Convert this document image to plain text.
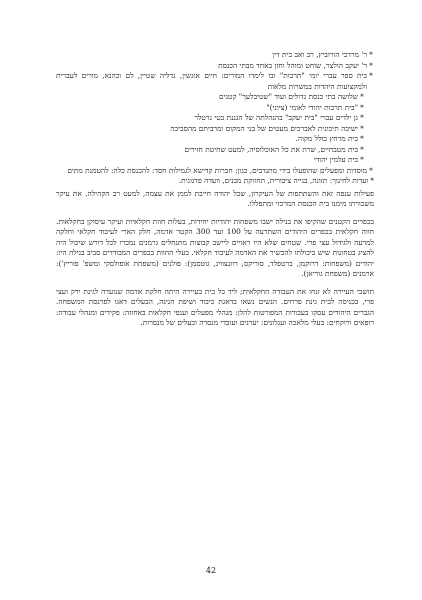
*
ר' מרדכי הורוביץ, רב ואב בית דין
*
ר' יעקב הולצר, שוחט ומוהל וחזן באחד מבתי הכנסת
*
בית ספר עברי יומי "תרבות" ובו לימדו המורים: חיים אוגשין, גדליה שטיין, לם וכהנא, מורים לעברית ולמקצועות היהדות במשרות מלאות
*
שלושה בתי כנסת גדולים ועוד "שטיבלעך" קטנים
*
"בית תרבות יהודי לאומי (ציוני)"
*
גן ילדים עברי "בית יעקב" בהנהלתה של הגננת בטי גרטלר
*
ישיבה תיכונית לאברכים מעטים של בני המקום ומרביתם מהסביבה
*
בית מרחץ כולל מקוה.
*
בית מטבחיים, שרת את כל האוכלוסיה, למעט שחיטת חזירים
*
בית עלמין יהודי
*
מוסדות ומפעלים שהופעלו בידי מתנדבים, כגון: חברות קדישא לגמילות חסד: להכנסת כלה: להטמנת מתים
*ועדות לחינוך: תזונה, בנייה ציבורית, תחזוקת מבנים, וועדה פדגוגית.

פעילות ענפה זאת והשתתפות של העיקרון, שכל יהודה חייבת לממן את עצמה, למעט רב הקהילה. את עיקר משכורתו מימנו בית הכנסת המרכזי ומתפללו.

בכפרים הקטנים שהקיפו את בנילה ישבו משפחות יהודיות יחידות, בעלות חוות חקלאיות ועיקר עיסוקן בחקלאות. חווה חקלאית בכפרים היהודים השתרעה על 100 ועד 300 הקטר אדמה, חלק הארי לעיבוד חקלאי וחלקה למרעה ולגידול עצי פרי. שטחים שלא היו ראויים ליישב קבוצות מתנחלים גרמנים נמכרו לכל דורש שיכול היה להציג בטחונות שיש ביכולתו להכשיר את האדמה לעיבוד חקלאי. בעלי החוות בכפרים המבודדים סביב בנילה היו: יהודים (משפחות: דרוקמן, ברטפלד, סוריקס, רוזנצוויג, גוטסמן): פולנים (משפחת אופולסקי ומשפ' פוריץ'): ארמנים (משפחת גוריאן).

תושבי העיירה לא זנחו את העבודה החקלאית; ליד כל בית בעיירה היתה חלקת אדמה שנועדה לגינת ירק ועצי פרי, בכניסה לבית גינת פרחים. הנשים נשאו בדאגת כיבוד ושיפת הגינה, הבעלים דאגו לפרנסת המשפחה. הגברים היהודים עסקו בעבודות המפורטות להלן: מנהלי מפעלים וענפי חקלאות באחוזה: פקידים ומנהלי עבודה: רופאים ורוקחים: בעלי מלאכה ועגלונים: יערנים ועובדי מנסרה ובעלים של מנסרות.

42
